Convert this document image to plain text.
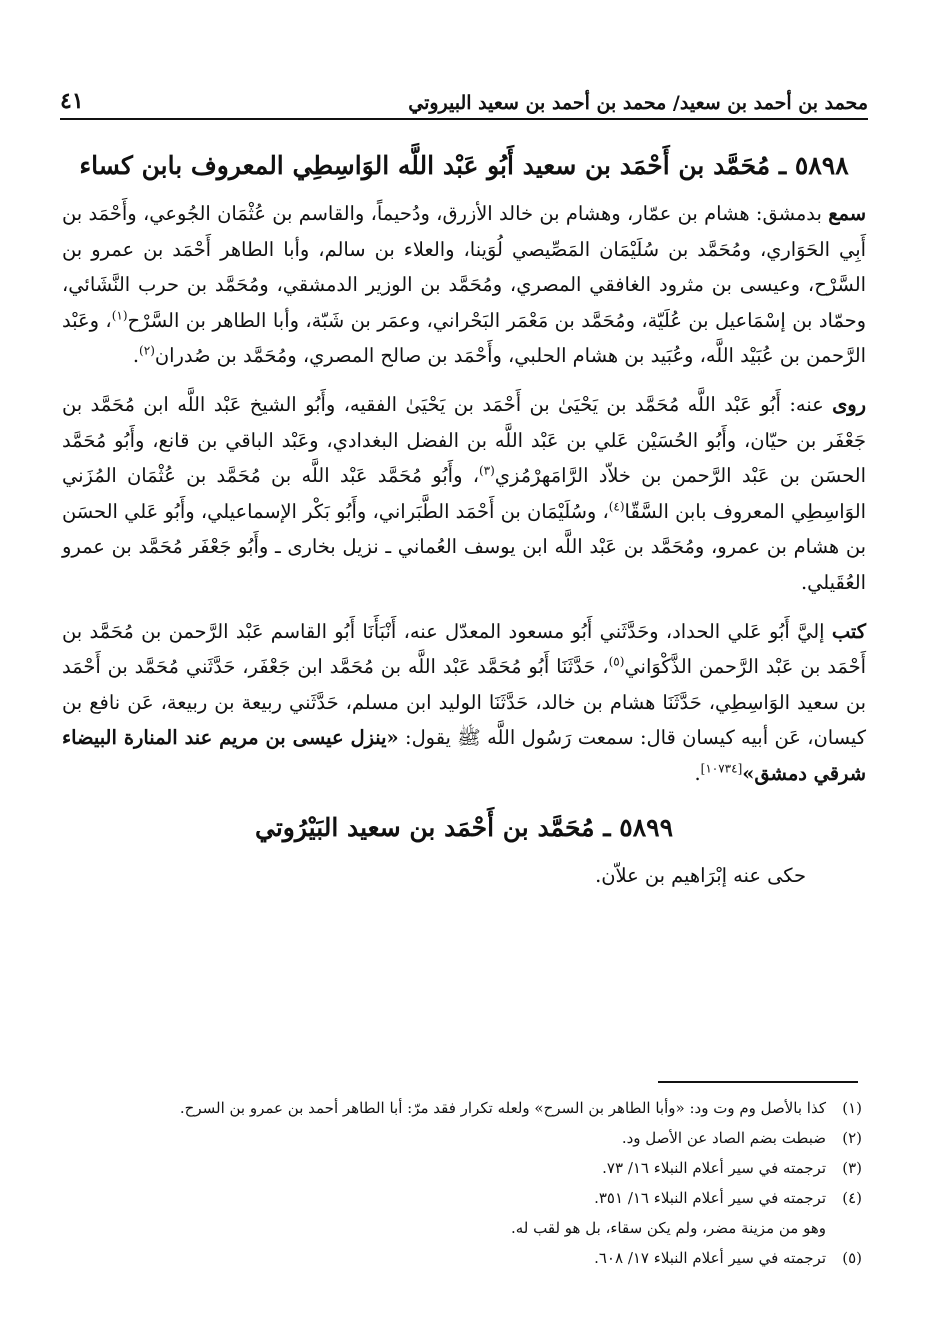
محمد بن أحمد بن سعيد/ محمد بن أحمد بن سعيد البيروتي
٤١
٥٨٩٨ ـ مُحَمَّد بن أَحْمَد بن سعيد أَبُو عَبْد اللَّه الوَاسِطِي المعروف بابن كساء

سمع بدمشق: هشام بن عمّار، وهشام بن خالد الأزرق، ودُحيماً، والقاسم بن عُثْمَان الجُوعي، وأَحْمَد بن أَبِي الحَوَاري، ومُحَمَّد بن سُلَيْمَان المَصِّيصي لُوَينا، والعلاء بن سالم، وأبا الطاهر أَحْمَد بن عمرو بن السَّرْح، وعيسى بن مثرود الغافقي المصري، ومُحَمَّد بن الوزير الدمشقي، ومُحَمَّد بن حرب النَّشَائي، وحمّاد بن إسْمَاعيل بن عُلَيّة، ومُحَمَّد بن مَعْمَر البَحْراني، وعمَر بن شَبّة، وأبا الطاهر بن السَّرْح$^{(١)}$، وعَبْد الرَّحمن بن عُبَيْد اللَّه، وعُبَيد بن هشام الحلبي، وأَحْمَد بن صالح المصري، ومُحَمَّد بن صُدران$^{(٢)}$.

روى عنه: أَبُو عَبْد اللَّه مُحَمَّد بن يَحْيَىٰ بن أَحْمَد بن يَحْيَىٰ الفقيه، وأَبُو الشيخ عَبْد اللَّه ابن مُحَمَّد بن جَعْفَر بن حيّان، وأَبُو الحُسَيْن عَلي بن عَبْد اللَّه بن الفضل البغدادي، وعَبْد الباقي بن قانع، وأَبُو مُحَمَّد الحسَن بن عَبْد الرَّحمن بن خلاّد الرَّامَهرْمُزي$^{(٣)}$، وأَبُو مُحَمَّد عَبْد اللَّه بن مُحَمَّد بن عُثْمَان المُزَني الوَاسِطِي المعروف بابن السَّقّا$^{(٤)}$، وسُلَيْمَان بن أَحْمَد الطَّبَراني، وأَبُو بَكْر الإسماعيلي، وأَبُو عَلي الحسَن بن هشام بن عمرو، ومُحَمَّد بن عَبْد اللَّه ابن يوسف العُماني ـ نزيل بخارى ـ وأَبُو جَعْفَر مُحَمَّد بن عمرو العُقَيلي.

كتب إليَّ أَبُو عَلي الحداد، وحَدَّثَني أَبُو مسعود المعدّل عنه، أَنْبَأَنَا أَبُو القاسم عَبْد الرَّحمن بن مُحَمَّد بن أَحْمَد بن عَبْد الرَّحمن الذَّكْوَاني$^{(٥)}$، حَدَّثَنَا أَبُو مُحَمَّد عَبْد اللَّه بن مُحَمَّد ابن جَعْفَر، حَدَّثَني مُحَمَّد بن أَحْمَد بن سعيد الوَاسِطِي، حَدَّثَنَا هشام بن خالد، حَدَّثَنَا الوليد ابن مسلم، حَدَّثَني ربيعة بن ربيعة، عَن نافع بن كيسان، عَن أبيه كيسان قال: سمعت رَسُول اللَّه ﷺ يقول: «ينزل عيسى بن مريم عند المنارة البيضاء شرقي دمشق»[١٠٧٣٤].

٥٨٩٩ ـ مُحَمَّد بن أَحْمَد بن سعيد البَيْرُوتي

حكى عنه إبْرَاهيم بن علاّن.

(١)
كذا بالأصل وم وت ود: «وأبا الطاهر بن السرح» ولعله تكرار فقد مرّ: أبا الطاهر أحمد بن عمرو بن السرح.
(٢)
ضبطت بضم الصاد عن الأصل ود.
(٣)
ترجمته في سير أعلام النبلاء ١٦/ ٧٣.
(٤)
ترجمته في سير أعلام النبلاء ١٦/ ٣٥١.
وهو من مزينة مضر، ولم يكن سقاء، بل هو لقب له.
(٥)
ترجمته في سير أعلام النبلاء ١٧/ ٦٠٨.
